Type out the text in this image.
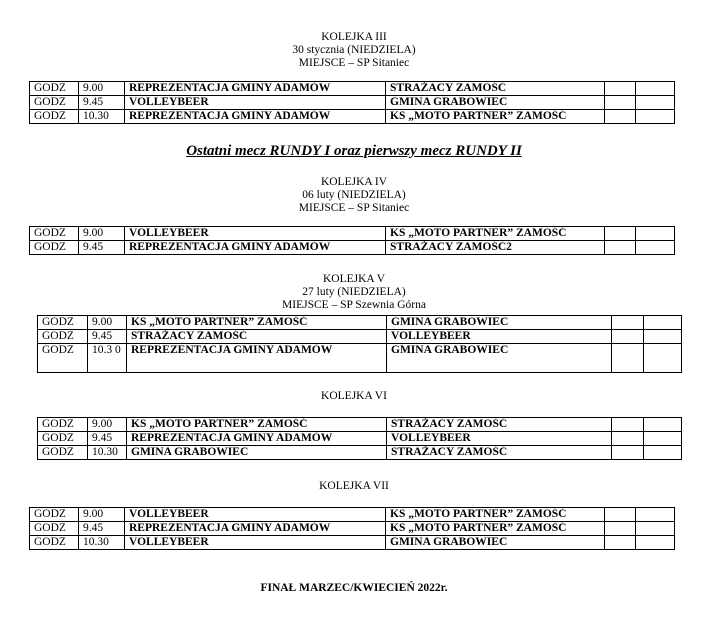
KOLEJKA III
30 stycznia (NIEDZIELA)
MIEJSCE – SP Sitaniec
GODZ	9.00	REPREZENTACJA GMINY ADAMÓW	STRAŻACY ZAMOŚĆ		
GODZ	9.45	VOLLEYBEER	GMINA GRABOWIEC		
GODZ	10.30	REPREZENTACJA GMINY ADAMÓW	KS „MOTO PARTNER” ZAMOŚĆ		
Ostatni mecz RUNDY I oraz pierwszy mecz RUNDY II
KOLEJKA IV
06 luty (NIEDZIELA)
MIEJSCE – SP Sitaniec
GODZ	9.00	VOLLEYBEER	KS „MOTO PARTNER” ZAMOŚĆ		
GODZ	9.45	REPREZENTACJA GMINY ADAMÓW	STRAŻACY ZAMOŚĆ2		
KOLEJKA V
27 luty (NIEDZIELA)
MIEJSCE – SP Szewnia Górna
GODZ	9.00	KS „MOTO PARTNER” ZAMOŚĆ	GMINA GRABOWIEC		
GODZ	9.45	STRAŻACY ZAMOŚĆ	VOLLEYBEER		
GODZ	10.3 0	REPREZENTACJA GMINY ADAMÓW	GMINA GRABOWIEC		
KOLEJKA VI
GODZ	9.00	KS „MOTO PARTNER” ZAMOŚĆ	STRAŻACY ZAMOŚĆ		
GODZ	9.45	REPREZENTACJA GMINY ADAMÓW	VOLLEYBEER		
GODZ	10.30	GMINA GRABOWIEC	STRAŻACY ZAMOŚĆ		
KOLEJKA VII
GODZ	9.00	VOLLEYBEER	KS „MOTO PARTNER” ZAMOŚĆ		
GODZ	9.45	REPREZENTACJA GMINY ADAMÓW	KS „MOTO PARTNER” ZAMOŚĆ		
GODZ	10.30	VOLLEYBEER	GMINA GRABOWIEC		
FINAŁ MARZEC/KWIECIEŃ 2022r.
